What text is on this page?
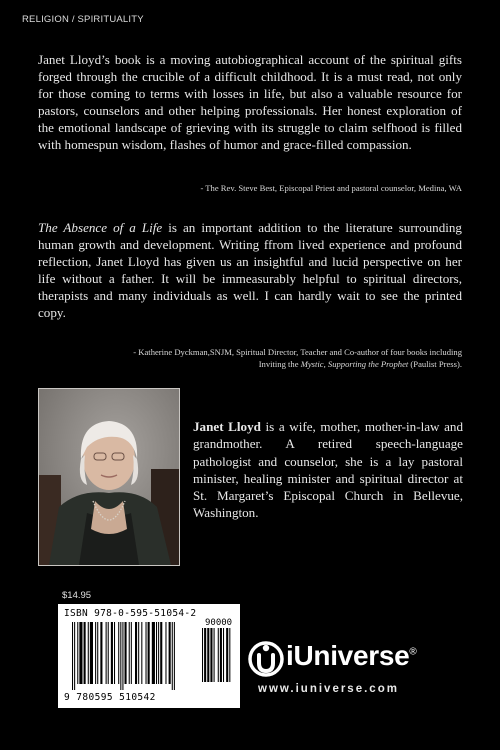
RELIGION / SPIRITUALITY

Janet Lloyd’s book is a moving autobiographical account of the spiritual gifts forged through the crucible of a difficult childhood. It is a must read, not only for those coming to terms with losses in life, but also a valuable resource for pastors, counselors and other helping professionals. Her honest exploration of the emotional landscape of grieving with its struggle to claim selfhood is filled with homespun wisdom, flashes of humor and grace-filled compassion.

- The Rev. Steve Best, Episcopal Priest and pastoral counselor, Medina, WA

The Absence of a Life is an important addition to the literature surrounding human growth and development. Writing ffrom lived experience and profound reflection, Janet Lloyd has given us an insightful and lucid perspective on her life without a father. It will be immeasurably helpful to spiritual directors, therapists and many individuals as well. I can hardly wait to see the printed copy.

- Katherine Dyckman,SNJM, Spiritual Director, Teacher and Co-author of four books including
Inviting the Mystic, Supporting the Prophet (Paulist Press).

Janet Lloyd is a wife, mother, mother-in-law and grandmother. A retired speech-language pathologist and counselor, she is a lay pastoral minister, healing minister and spiritual director at St. Margaret’s Episcopal Church in Bellevue, Washington.

$14.95
ISBN 978-0-595-51054-2
90000
9 780595 510542
iUniverse®
www.iuniverse.com
